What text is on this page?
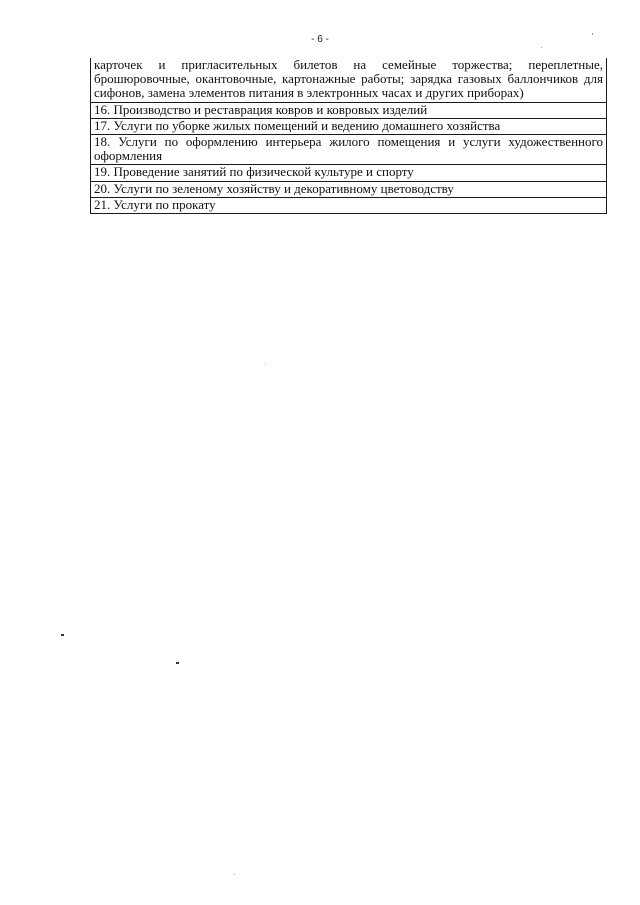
- 6 -
карточек и пригласительных билетов на семейные торжества; переплетные, брошюровочные, окантовочные, картонажные работы; зарядка газовых баллончиков для сифонов, замена элементов питания в электронных часах и других приборах)
16. Производство и реставрация ковров и ковровых изделий
17. Услуги по уборке жилых помещений и ведению домашнего хозяйства
18. Услуги по оформлению интерьера жилого помещения и услуги художественного оформления
19. Проведение занятий по физической культуре и спорту
20. Услуги по зеленому хозяйству и декоративному цветоводству
21. Услуги по прокату
